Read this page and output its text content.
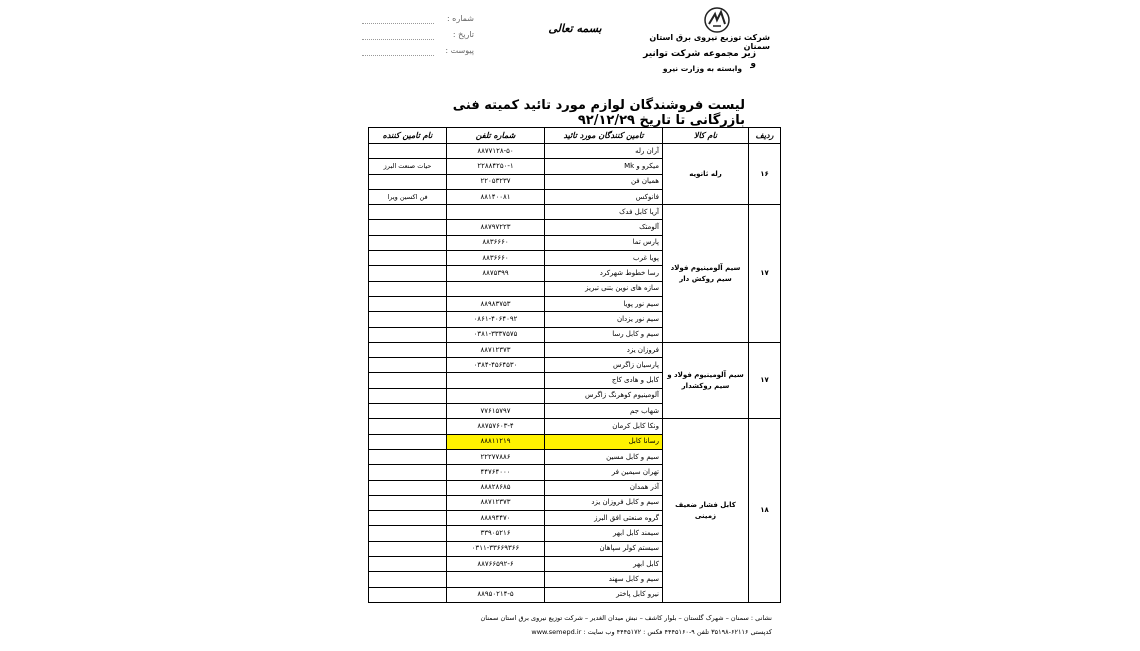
شماره :
تاریخ :
پیوست :
بسمه تعالی
شرکت توزیع نیروی برق استان سمنان
زیر مجموعه شرکت توانیر و
وابسته به وزارت نیرو
لیست فروشندگان لوازم مورد تائید کمیته فنی بازرگانی تا تاریخ ۹۲/۱۲/۲۹
ردیف	نام کالا	تامین کنندگان مورد تائید	شماره تلفن	نام تامین کننده
۱۶	رله ثانویه	آران رله	۸۸۷۷۱۲۸-۵۰	
		میکرو و Mk	۲۲۸۸۴۲۵۰-۱	حیات صنعت البرز
		همیان فن	۲۲۰۵۳۲۳۷	
		فانوکس	۸۸۱۴۰۰۸۱	فن اکسین ویرا
۱۷	سیم آلومینیوم فولاد سیم روکش دار	آریا کابل فدک		
		آلومتک	۸۸۷۹۷۲۲۳	
		پارس تما	۸۸۳۶۶۶۰	
		پویا غرب	۸۸۳۶۶۶۰	
		رسا خطوط شهرکرد	۸۸۷۵۳۹۹	
		سازه های نوین بتنی تبریز		
		سیم نور پویا	۸۸۹۸۳۷۵۳	
		سیم نور یزدان	۰۸۶۱-۴۰۶۴۰۹۲	
		سیم و کابل رسا	۰۳۸۱-۳۳۳۷۵۷۵	
۱۷	سیم آلومینیوم فولاد و سیم روکشدار	فروزان یزد	۸۸۷۱۲۳۷۳	
		پارسیان زاگرس	۰۳۸۴-۴۵۶۴۵۳۰	
		کابل و هادی کاج		
		آلومینیوم کوهرنگ زاگرس		
		شهاب جم	۷۷۶۱۵۷۹۷	
۱۸	کابل فشار ضعیف زمینی	ونکا کابل کرمان	۸۸۷۵۷۶۰۳-۴	
		رسانا کابل	۸۸۸۱۱۲۱۹	
		سیم و کابل مسین	۲۲۲۷۷۸۸۶	
		تهران سیمین فر	۴۴۷۶۴۰۰۰	
		آذر همدان	۸۸۸۲۸۶۸۵	
		سیم و کابل فروزان یزد	۸۸۷۱۲۳۷۳	
		گروه صنعتی افق البرز	۸۸۸۹۴۴۷۰	
		سیمند کابل ابهر	۳۳۹۰۵۲۱۶	
		سیستم کولر سپاهان	۰۳۱۱-۳۳۶۶۹۳۶۶	
		کابل ابهر	۸۸۷۶۶۵۹۲-۶	
		سیم و کابل سهند		
		نیرو کابل پاختر	۸۸۹۵۰۲۱۴-۵	
نشانی : سمنان – شهرک گلستان – بلوار کاشف – نبش میدان الغدیر – شرکت توزیع نیروی برق استان سمنان
کدپستی ۶۲۱۱۶-۳۵۱۹۸ تلفن ۹-۴۴۴۵۱۶۰ فکس : ۴۴۴۵۱۷۲ وب سایت : www.semepd.ir
